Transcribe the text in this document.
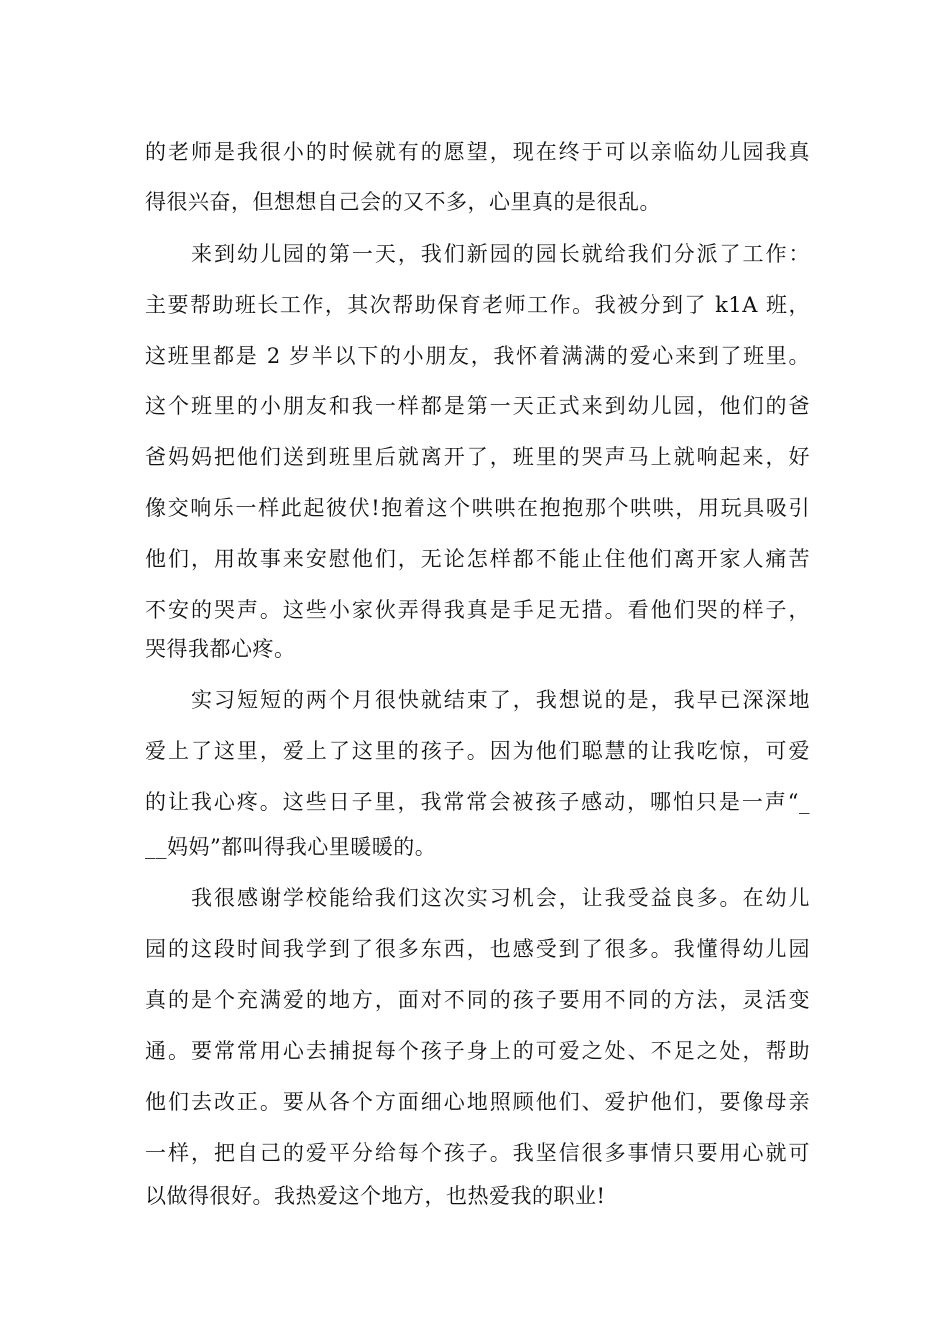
的老师是我很小的时候就有的愿望，现在终于可以亲临幼儿园我真
得很兴奋，但想想自己会的又不多，心里真的是很乱。
来到幼儿园的第一天，我们新园的园长就给我们分派了工作：
主要帮助班长工作，其次帮助保育老师工作。我被分到了 k1A 班，
这班里都是 2 岁半以下的小朋友，我怀着满满的爱心来到了班里。
这个班里的小朋友和我一样都是第一天正式来到幼儿园，他们的爸
爸妈妈把他们送到班里后就离开了，班里的哭声马上就响起来，好
像交响乐一样此起彼伏!抱着这个哄哄在抱抱那个哄哄，用玩具吸引
他们，用故事来安慰他们，无论怎样都不能止住他们离开家人痛苦
不安的哭声。这些小家伙弄得我真是手足无措。看他们哭的样子，
哭得我都心疼。
实习短短的两个月很快就结束了，我想说的是，我早已深深地
爱上了这里，爱上了这里的孩子。因为他们聪慧的让我吃惊，可爱
的让我心疼。这些日子里，我常常会被孩子感动，哪怕只是一声“_
__妈妈”都叫得我心里暖暖的。
我很感谢学校能给我们这次实习机会，让我受益良多。在幼儿
园的这段时间我学到了很多东西，也感受到了很多。我懂得幼儿园
真的是个充满爱的地方，面对不同的孩子要用不同的方法，灵活变
通。要常常用心去捕捉每个孩子身上的可爱之处、不足之处，帮助
他们去改正。要从各个方面细心地照顾他们、爱护他们，要像母亲
一样，把自己的爱平分给每个孩子。我坚信很多事情只要用心就可
以做得很好。我热爱这个地方，也热爱我的职业!
